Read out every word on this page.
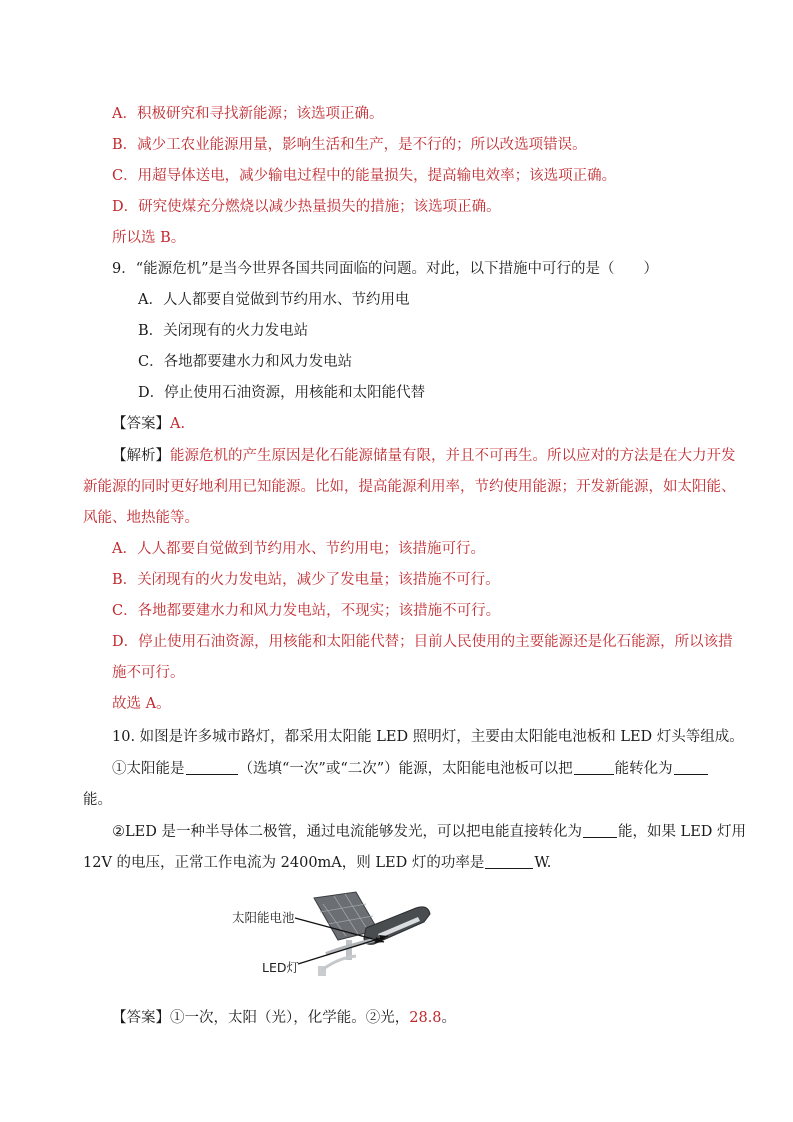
A．积极研究和寻找新能源；该选项正确。
B．减少工农业能源用量，影响生活和生产，是不行的；所以改选项错误。
C．用超导体送电，减少输电过程中的能量损失，提高输电效率；该选项正确。
D．研究使煤充分燃烧以减少热量损失的措施；该选项正确。
所以选 B。
9．“能源危机”是当今世界各国共同面临的问题。对此，以下措施中可行的是（　　）
A．人人都要自觉做到节约用水、节约用电
B．关闭现有的火力发电站
C．各地都要建水力和风力发电站
D．停止使用石油资源，用核能和太阳能代替
【答案】A.
【解析】能源危机的产生原因是化石能源储量有限，并且不可再生。所以应对的方法是在大力开发
新能源的同时更好地利用已知能源。比如，提高能源利用率，节约使用能源；开发新能源，如太阳能、
风能、地热能等。
A．人人都要自觉做到节约用水、节约用电；该措施可行。
B．关闭现有的火力发电站，减少了发电量；该措施不可行。
C．各地都要建水力和风力发电站，不现实；该措施不可行。
D．停止使用石油资源，用核能和太阳能代替；目前人民使用的主要能源还是化石能源，所以该措
施不可行。
故选 A。
10. 如图是许多城市路灯，都采用太阳能 LED 照明灯，主要由太阳能电池板和 LED 灯头等组成。
①太阳能是	（选填“一次”或“二次”）能源，太阳能电池板可以把	能转化为
能。
②LED 是一种半导体二极管，通过电流能够发光，可以把电能直接转化为 能，如果 LED 灯用
12V 的电压，正常工作电流为 2400mA，则 LED 灯的功率是	W.
太阳能电池
LED灯
【答案】①一次，太阳（光），化学能。②光，28.8。
